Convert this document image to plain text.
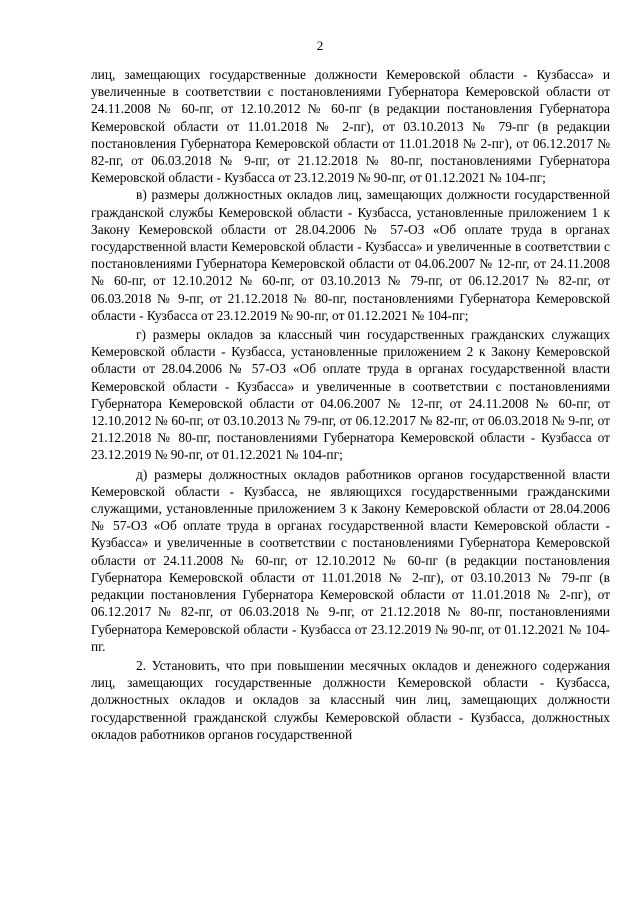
2

лиц, замещающих государственные должности Кемеровской области - Кузбасса» и увеличенные в соответствии с постановлениями Губернатора Кемеровской области от 24.11.2008 № 60-пг, от 12.10.2012 № 60-пг (в редакции постановления Губернатора Кемеровской области от 11.01.2018 № 2-пг), от 03.10.2013 № 79-пг (в редакции постановления Губернатора Кемеровской области от 11.01.2018 № 2-пг), от 06.12.2017 № 82-пг, от 06.03.2018 № 9-пг, от 21.12.2018 № 80-пг, постановлениями Губернатора Кемеровской области - Кузбасса от 23.12.2019 № 90-пг, от 01.12.2021 № 104-пг;

в) размеры должностных окладов лиц, замещающих должности государственной гражданской службы Кемеровской области - Кузбасса, установленные приложением 1 к Закону Кемеровской области от 28.04.2006 № 57-ОЗ «Об оплате труда в органах государственной власти Кемеровской области - Кузбасса» и увеличенные в соответствии с постановлениями Губернатора Кемеровской области от 04.06.2007 № 12-пг, от 24.11.2008 № 60-пг, от 12.10.2012 № 60-пг, от 03.10.2013 № 79-пг, от 06.12.2017 № 82-пг, от 06.03.2018 № 9-пг, от 21.12.2018 № 80-пг, постановлениями Губернатора Кемеровской области - Кузбасса от 23.12.2019 № 90-пг, от 01.12.2021 № 104-пг;

г) размеры окладов за классный чин государственных гражданских служащих Кемеровской области - Кузбасса, установленные приложением 2 к Закону Кемеровской области от 28.04.2006 № 57-ОЗ «Об оплате труда в органах государственной власти Кемеровской области - Кузбасса» и увеличенные в соответствии с постановлениями Губернатора Кемеровской области от 04.06.2007 № 12-пг, от 24.11.2008 № 60-пг, от 12.10.2012 № 60-пг, от 03.10.2013 № 79-пг, от 06.12.2017 № 82-пг, от 06.03.2018 № 9-пг, от 21.12.2018 № 80-пг, постановлениями Губернатора Кемеровской области - Кузбасса от 23.12.2019 № 90-пг, от 01.12.2021 № 104-пг;

д) размеры должностных окладов работников органов государственной власти Кемеровской области - Кузбасса, не являющихся государственными гражданскими служащими, установленные приложением 3 к Закону Кемеровской области от 28.04.2006 № 57-ОЗ «Об оплате труда в органах государственной власти Кемеровской области - Кузбасса» и увеличенные в соответствии с постановлениями Губернатора Кемеровской области от 24.11.2008 № 60-пг, от 12.10.2012 № 60-пг (в редакции постановления Губернатора Кемеровской области от 11.01.2018 № 2-пг), от 03.10.2013 № 79-пг (в редакции постановления Губернатора Кемеровской области от 11.01.2018 № 2-пг), от 06.12.2017 № 82-пг, от 06.03.2018 № 9-пг, от 21.12.2018 № 80-пг, постановлениями Губернатора Кемеровской области - Кузбасса от 23.12.2019 № 90-пг, от 01.12.2021 № 104-пг.

2. Установить, что при повышении месячных окладов и денежного содержания лиц, замещающих государственные должности Кемеровской области - Кузбасса, должностных окладов и окладов за классный чин лиц, замещающих должности государственной гражданской службы Кемеровской области - Кузбасса, должностных окладов работников органов государственной
